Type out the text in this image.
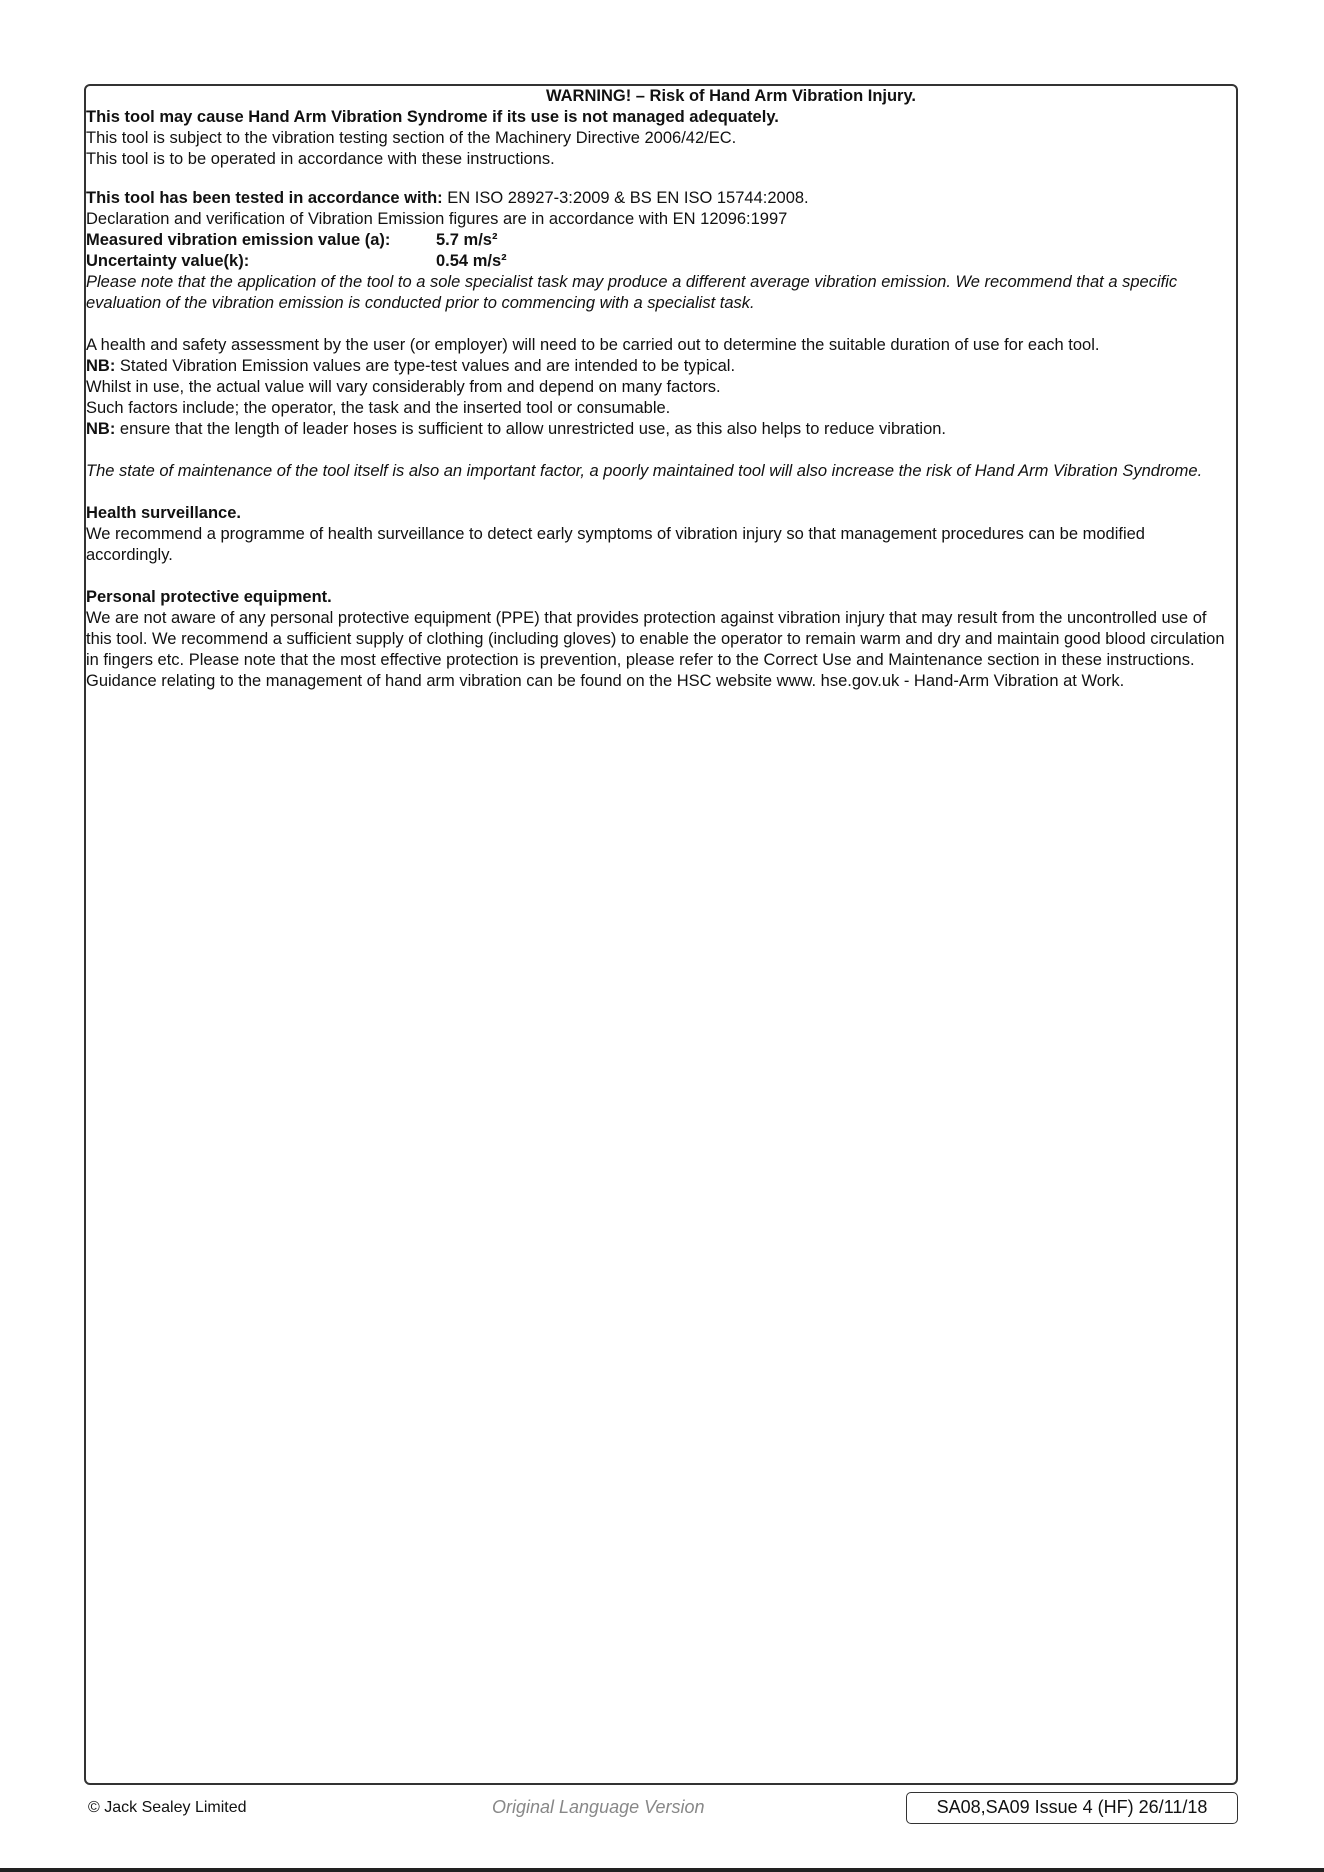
WARNING! – Risk of Hand Arm Vibration Injury.

This tool may cause Hand Arm Vibration Syndrome if its use is not managed adequately.

This tool is subject to the vibration testing section of the Machinery Directive 2006/42/EC.

This tool is to be operated in accordance with these instructions.

This tool has been tested in accordance with: EN ISO 28927-3:2009 & BS EN ISO 15744:2008.

Declaration and verification of Vibration Emission figures are in accordance with EN 12096:1997

Measured vibration emission value (a):	5.7 m/s²
Uncertainty value(k):	0.54 m/s²

Please note that the application of the tool to a sole specialist task may produce a different average vibration emission. We recommend that a specific evaluation of the vibration emission is conducted prior to commencing with a specialist task.

A health and safety assessment by the user (or employer) will need to be carried out to determine the suitable duration of use for each tool.

NB: Stated Vibration Emission values are type-test values and are intended to be typical.

Whilst in use, the actual value will vary considerably from and depend on many factors.

Such factors include; the operator, the task and the inserted tool or consumable.

NB: ensure that the length of leader hoses is sufficient to allow unrestricted use, as this also helps to reduce vibration.

The state of maintenance of the tool itself is also an important factor, a poorly maintained tool will also increase the risk of Hand Arm Vibration Syndrome.

Health surveillance.

We recommend a programme of health surveillance to detect early symptoms of vibration injury so that management procedures can be modified accordingly.

Personal protective equipment.

We are not aware of any personal protective equipment (PPE) that provides protection against vibration injury that may result from the uncontrolled use of this tool. We recommend a sufficient supply of clothing (including gloves) to enable the operator to remain warm and dry and maintain good blood circulation in fingers etc. Please note that the most effective protection is prevention, please refer to the Correct Use and Maintenance section in these instructions. Guidance relating to the management of hand arm vibration can be found on the HSC website www. hse.gov.uk - Hand-Arm Vibration at Work.

© Jack Sealey Limited	Original Language Version	SA08,SA09 Issue 4 (HF) 26/11/18
